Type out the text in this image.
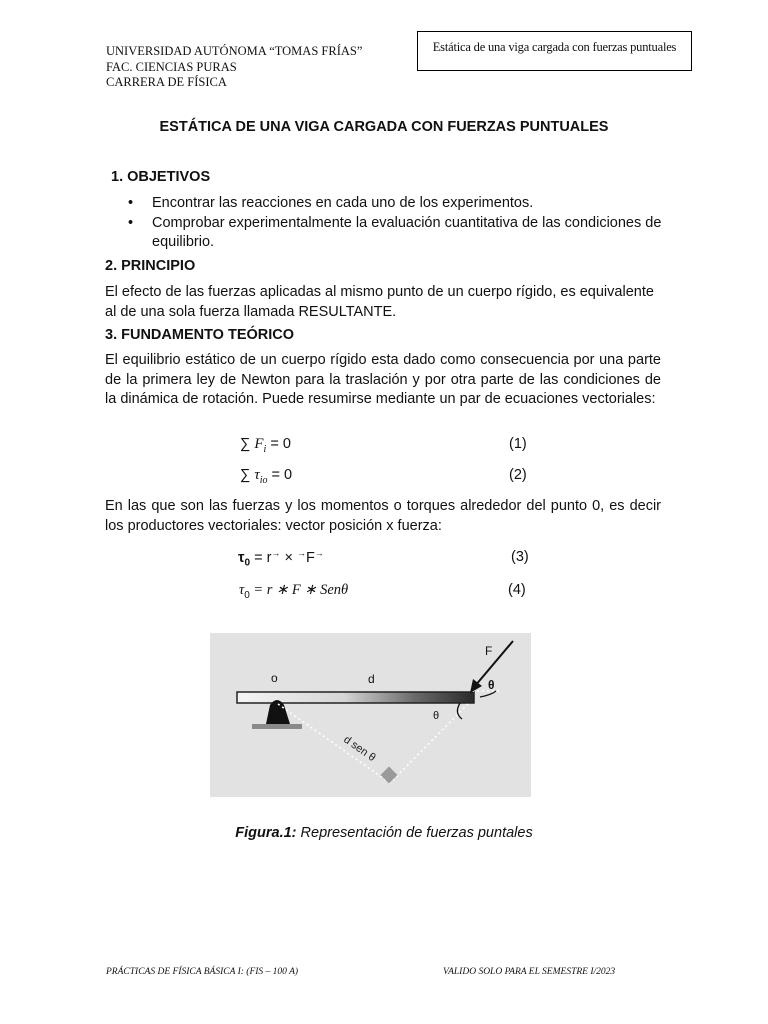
UNIVERSIDAD AUTÓNOMA “TOMAS FRÍAS”
FAC. CIENCIAS PURAS
CARRERA DE FÍSICA
Estática de una viga cargada con fuerzas puntuales
ESTÁTICA DE UNA VIGA CARGADA CON FUERZAS PUNTUALES
1. OBJETIVOS
• Encontrar las reacciones en cada uno de los experimentos.
• Comprobar experimentalmente la evaluación cuantitativa de las condiciones de equilibrio.
2. PRINCIPIO
El efecto de las fuerzas aplicadas al mismo punto de un cuerpo rígido, es equivalente al de una sola fuerza llamada RESULTANTE.
3. FUNDAMENTO TEÓRICO
El equilibrio estático de un cuerpo rígido esta dado como consecuencia por una parte de la primera ley de Newton para la traslación y por otra parte de las condiciones de la dinámica de rotación. Puede resumirse mediante un par de ecuaciones vectoriales:
∑ $F_i = 0$	(1)
∑ $\tau_{io} = 0$	(2)
En las que son las fuerzas y los momentos o torques alrededor del punto 0, es decir los productores vectoriales: vector posición x fuerza:
$\tau_0 = r^\to \times ^\to F^\to$	(3)
$\tau_0 = r$ ∗ F ∗ Senθ	(4)
o	d
F
θ
θ
d sen θ
Figura.1: Representación de fuerzas puntales
PRÁCTICAS DE FÍSICA BÁSICA I: (FIS – 100 A)	VALIDO SOLO PARA EL SEMESTRE I/2023
